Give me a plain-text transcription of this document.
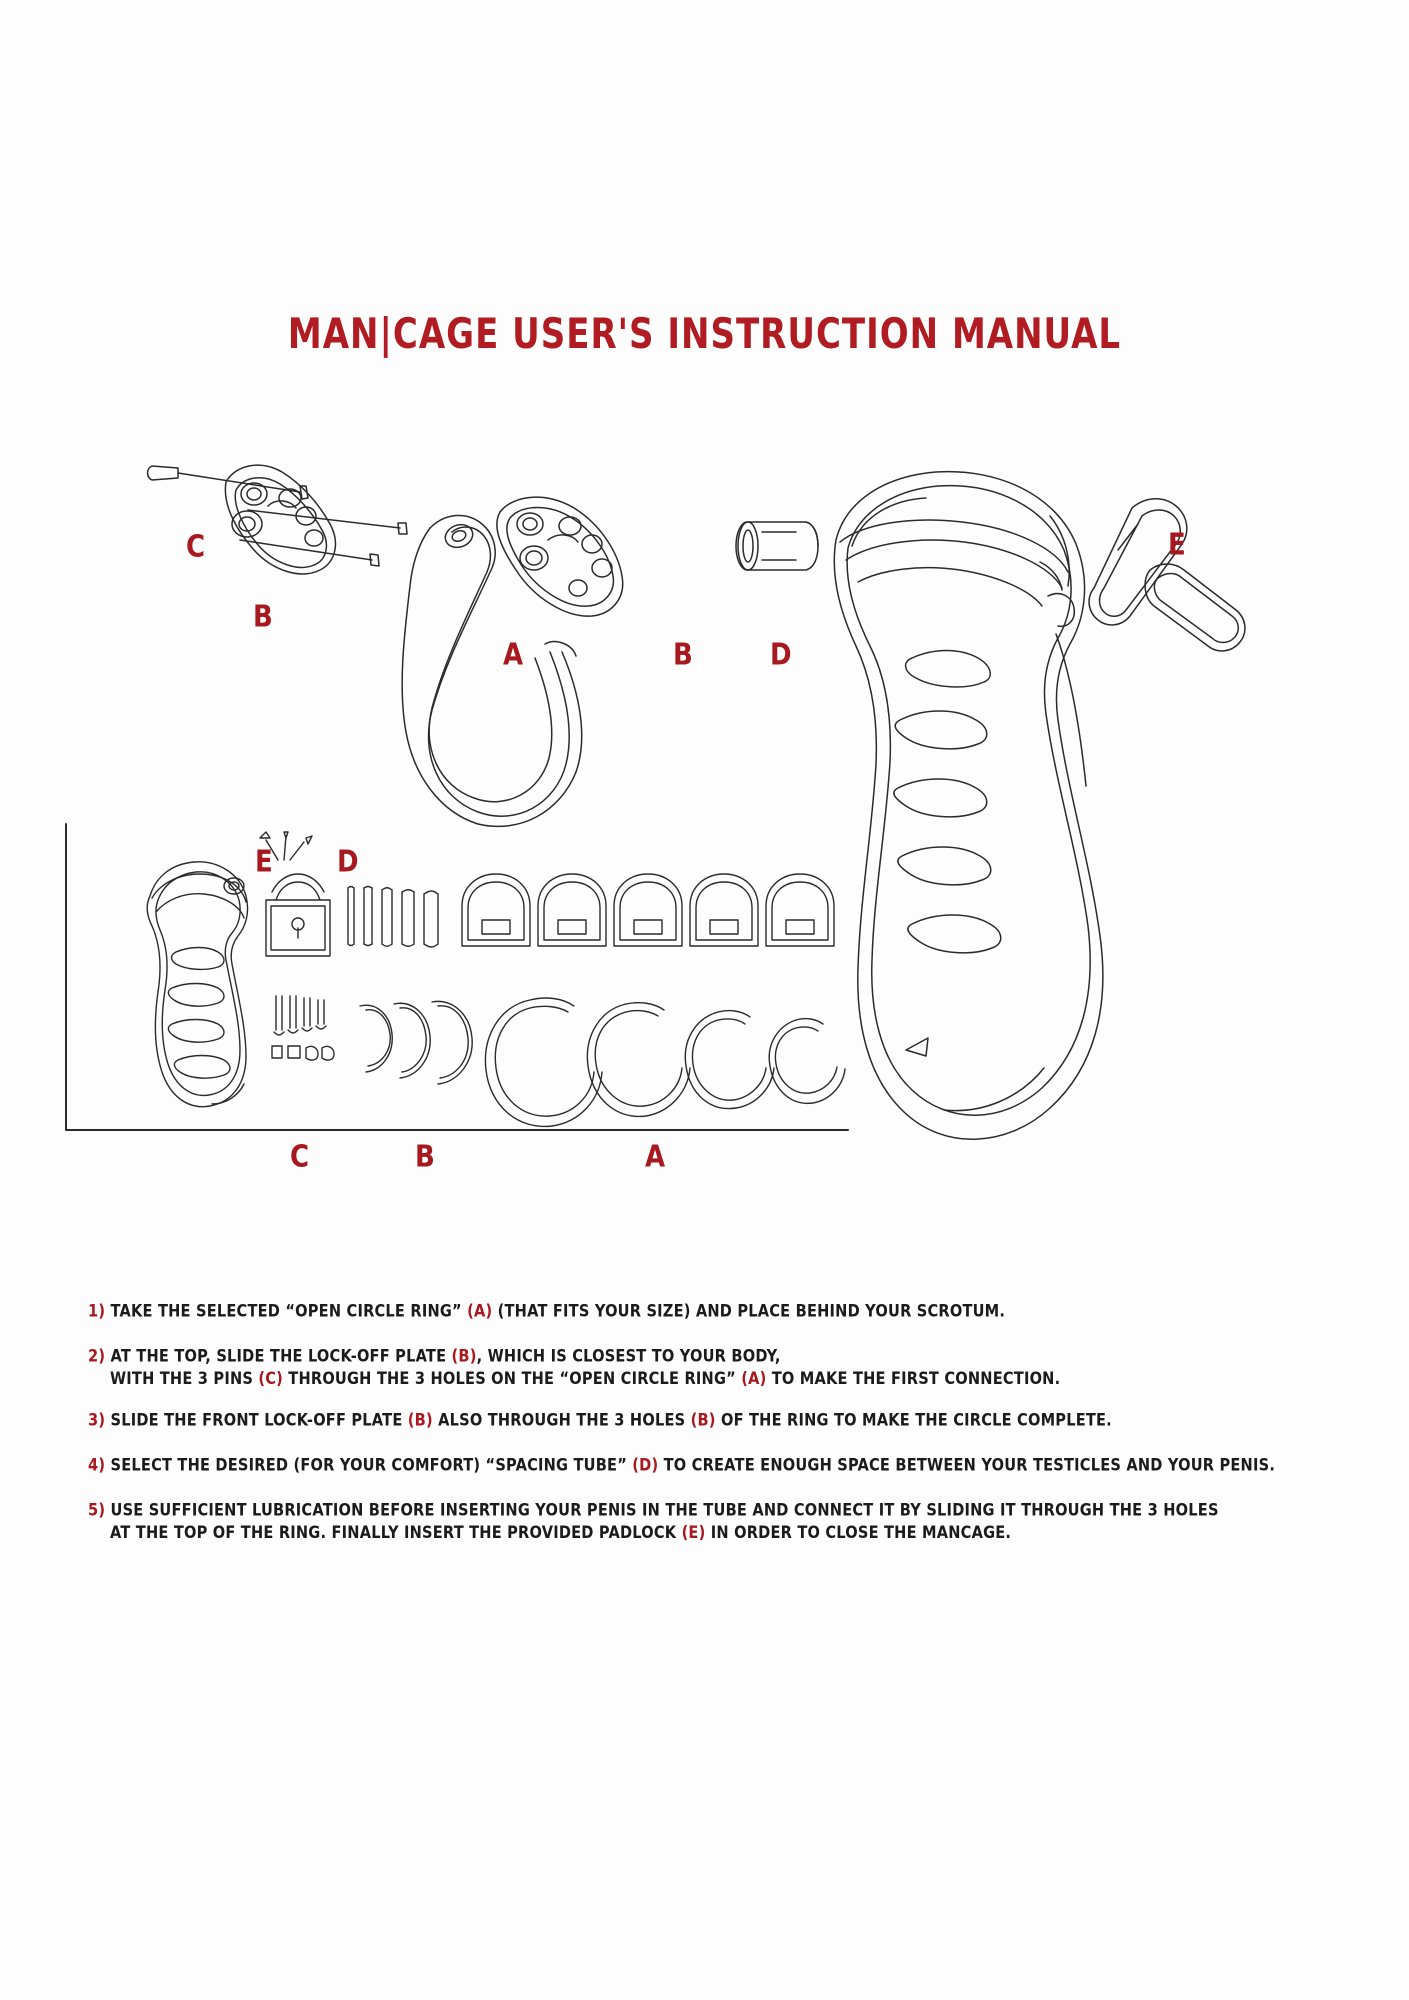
MAN|CAGE USER'S INSTRUCTION MANUAL
C
B
A	B	D
E
E D
C	B	A
1) TAKE THE SELECTED “OPEN CIRCLE RING” (A) (THAT FITS YOUR SIZE) AND PLACE BEHIND YOUR SCROTUM.
2) AT THE TOP, SLIDE THE LOCK-OFF PLATE (B), WHICH IS CLOSEST TO YOUR BODY,
WITH THE 3 PINS (C) THROUGH THE 3 HOLES ON THE “OPEN CIRCLE RING” (A) TO MAKE THE FIRST CONNECTION.
3) SLIDE THE FRONT LOCK-OFF PLATE (B) ALSO THROUGH THE 3 HOLES (B) OF THE RING TO MAKE THE CIRCLE COMPLETE.
4) SELECT THE DESIRED (FOR YOUR COMFORT) “SPACING TUBE” (D) TO CREATE ENOUGH SPACE BETWEEN YOUR TESTICLES AND YOUR PENIS.
5) USE SUFFICIENT LUBRICATION BEFORE INSERTING YOUR PENIS IN THE TUBE AND CONNECT IT BY SLIDING IT THROUGH THE 3 HOLES
AT THE TOP OF THE RING. FINALLY INSERT THE PROVIDED PADLOCK (E) IN ORDER TO CLOSE THE MANCAGE.
